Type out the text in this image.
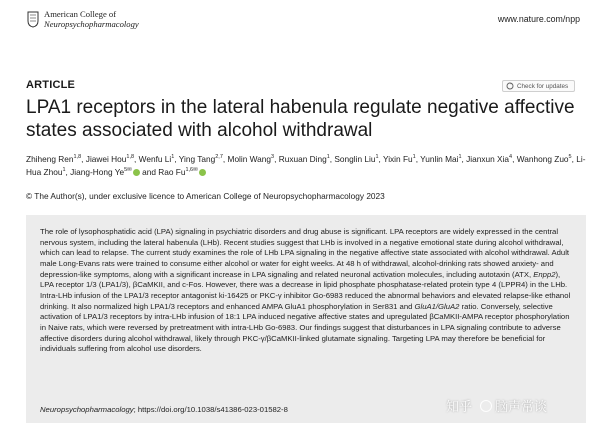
American College of
Neuropsychopharmacology	www.nature.com/npp
ARTICLE	Check for updates
LPA1 receptors in the lateral habenula regulate negative affective states associated with alcohol withdrawal
Zhiheng Ren$^{1,8}$, Jiawei Hou$^{1,8}$, Wenfu Li$^1$, Ying Tang$^{2,7}$, Molin Wang$^3$, Ruxuan Ding$^1$, Songlin Liu$^1$, Yixin Fu$^1$, Yunlin Mai$^1$, Jianxun Xia$^4$, Wanhong Zuo$^5$, Li-Hua Zhou$^1$, Jiang-Hong $Ye^{5✉}$ and Rao $Fu^{1,6✉}$
© The Author(s), under exclusive licence to American College of Neuropsychopharmacology 2023

The role of lysophosphatidic acid (LPA) signaling in psychiatric disorders and drug abuse is significant. LPA receptors are widely expressed in the central nervous system, including the lateral habenula (LHb). Recent studies suggest that LHb is involved in a negative emotional state during alcohol withdrawal, which can lead to relapse. The current study examines the role of LHb LPA signaling in the negative affective state associated with alcohol withdrawal. Adult male Long-Evans rats were trained to consume either alcohol or water for eight weeks. At 48 h of withdrawal, alcohol-drinking rats showed anxiety- and depression-like symptoms, along with a significant increase in LPA signaling and related neuronal activation molecules, including autotaxin (ATX, Enpp2), LPA receptor 1/3 (LPA1/3), βCaMKII, and c-Fos. However, there was a decrease in lipid phosphate phosphatase-related protein type 4 (LPPR4) in the LHb. Intra-LHb infusion of the LPA1/3 receptor antagonist ki-16425 or PKC-γ inhibitor Go-6983 reduced the abnormal behaviors and elevated relapse-like ethanol drinking. It also normalized high LPA1/3 receptors and enhanced AMPA GluA1 phosphorylation in Ser831 and GluA1/GluA2 ratio. Conversely, selective activation of LPA1/3 receptors by intra-LHb infusion of 18:1 LPA induced negative affective states and upregulated βCaMKII-AMPA receptor phosphorylation in Naive rats, which were reversed by pretreatment with intra-LHb Go-6983. Our findings suggest that disturbances in LPA signaling contribute to adverse affective disorders during alcohol withdrawal, likely through PKC-γ/βCaMKII-linked glutamate signaling. Targeting LPA may therefore be beneficial for individuals suffering from alcohol use disorders.

Neuropsychopharmacology; https://doi.org/10.1038/s41386-023-01582-8	知乎 脑声常谈
